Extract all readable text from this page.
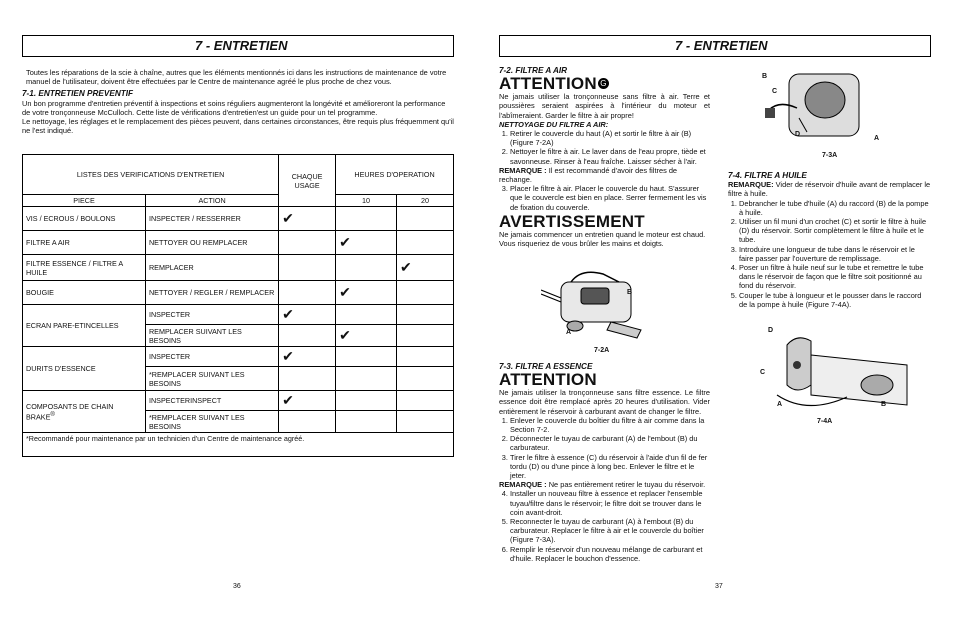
7 - ENTRETIEN
Toutes les réparations de la scie à chaîne, autres que les éléments mentionnés ici dans les instructions de maintenance de votre manuel de l'utilisateur, doivent être effectuées par le Centre de maintenance agréé le plus proche de chez vous.
7-1. ENTRETIEN PREVENTIF
Un bon programme d'entretien préventif à inspections et soins réguliers augmenteront la longévité et amélioreront la performance de votre tronçonneuse McCulloch. Cette liste de vérifications d'entretien'est un guide pour un tel programme.
Le nettoyage, les réglages et le remplacement des pièces peuvent, dans certaines circonstances, être requis plus fréquemment qu'il ne l'est indiqué.
LISTES DES VERIFICATIONS D'ENTRETIEN		CHAQUE USAGE	HEURES D'OPERATION	
PIECE	ACTION		10	20
VIS / ECROUS / BOULONS	INSPECTER / RESSERRER	✔		
FILTRE A AIR	NETTOYER OU REMPLACER		✔	
FILTRE ESSENCE / FILTRE A HUILE	REMPLACER			✔
BOUGIE	NETTOYER / REGLER / REMPLACER		✔	
ECRAN PARE-ETINCELLES	INSPECTER	✔		
	REMPLACER SUIVANT LES BESOINS		✔	
DURITS D'ESSENCE	INSPECTER	✔		
	*REMPLACER SUIVANT LES BESOINS			
COMPOSANTS DE CHAIN BRAKE®	INSPECTERINSPECT	✔		
	*REMPLACER SUIVANT LES BESOINS			
*Recommandé pour maintenance par un technicien d'un Centre de maintenance agréé.				
36
7 - ENTRETIEN
7-2. FILTRE A AIR
ATTENTION G
Ne jamais utiliser la tronçonneuse sans filtre à air. Terre et poussières seraient aspirées à l'intérieur du moteur et l'abîmeraient. Garder le filtre à air propre!
NETTOYAGE DU FILTRE A AIR:
1. Retirer le couvercle du haut (A) et sortir le filtre à air (B) (Figure 7-2A)
2. Nettoyer le filtre à air. Le laver dans de l'eau propre, tiède et savonneuse. Rinser à l'eau fraîche. Laisser sécher à l'air.
REMARQUE : Il est recommandé d'avoir des filtres de rechange.
3. Placer le filtre à air. Placer le couvercle du haut. S'assurer que le couvercle est bien en place. Serrer fermement les vis de fixation du couvercle.
AVERTISSEMENT
Ne jamais commencer un entretien quand le moteur est chaud. Vous risqueriez de vous brûler les mains et doigts.
B
A
7-2A
7-3. FILTRE A ESSENCE
ATTENTION
Ne jamais utiliser la tronçonneuse sans filtre essence. Le filtre essence doit être remplacé après 20 heures d'utilisation. Vider entièrement le réservoir à carburant avant de changer le filtre.
1. Enlever le couvercle du boîtier du filtre à air comme dans la Section 7-2.
2. Déconnecter le tuyau de carburant (A) de l'embout (B) du carburateur.
3. Tirer le filtre à essence (C) du réservoir à l'aide d'un fil de fer tordu (D) ou d'une pince à long bec. Enlever le filtre et le jeter.
REMARQUE : Ne pas entièrement retirer le tuyau du réservoir.
4. Installer un nouveau filtre à essence et replacer l'ensemble tuyau/filtre dans le réservoir; le filtre doit se trouver dans le coin avant-droit.
5. Reconnecter le tuyau de carburant (A) à l'embout (B) du carburateur. Replacer le filtre à air et le couvercle du boîtier (Figure 7-3A).
6. Remplir le réservoir d'un nouveau mélange de carburant et d'huile. Replacer le bouchon d'essence.
B
C
D
A
7-3A
7-4. FILTRE A HUILE
REMARQUE: Vider de réservoir d'huile avant de remplacer le filtre à huile.
1. Debrancher le tube d'huile (A) du raccord (B) de la pompe à huile.
2. Utiliser un fil muni d'un crochet (C) et sortir le filtre à huile (D) du réservoir. Sortir complètement le filtre à huile et le tube.
3. Introduire une longueur de tube dans le réservoir et le faire passer par l'ouverture de remplissage.
4. Poser un filtre à huile neuf sur le tube et remettre le tube dans le réservoir de façon que le filtre soit positionné au fond du réservoir.
5. Couper le tube à longueur et le pousser dans le raccord de la pompe à huile (Figure 7-4A).
D
C
A	B
7-4A
37
